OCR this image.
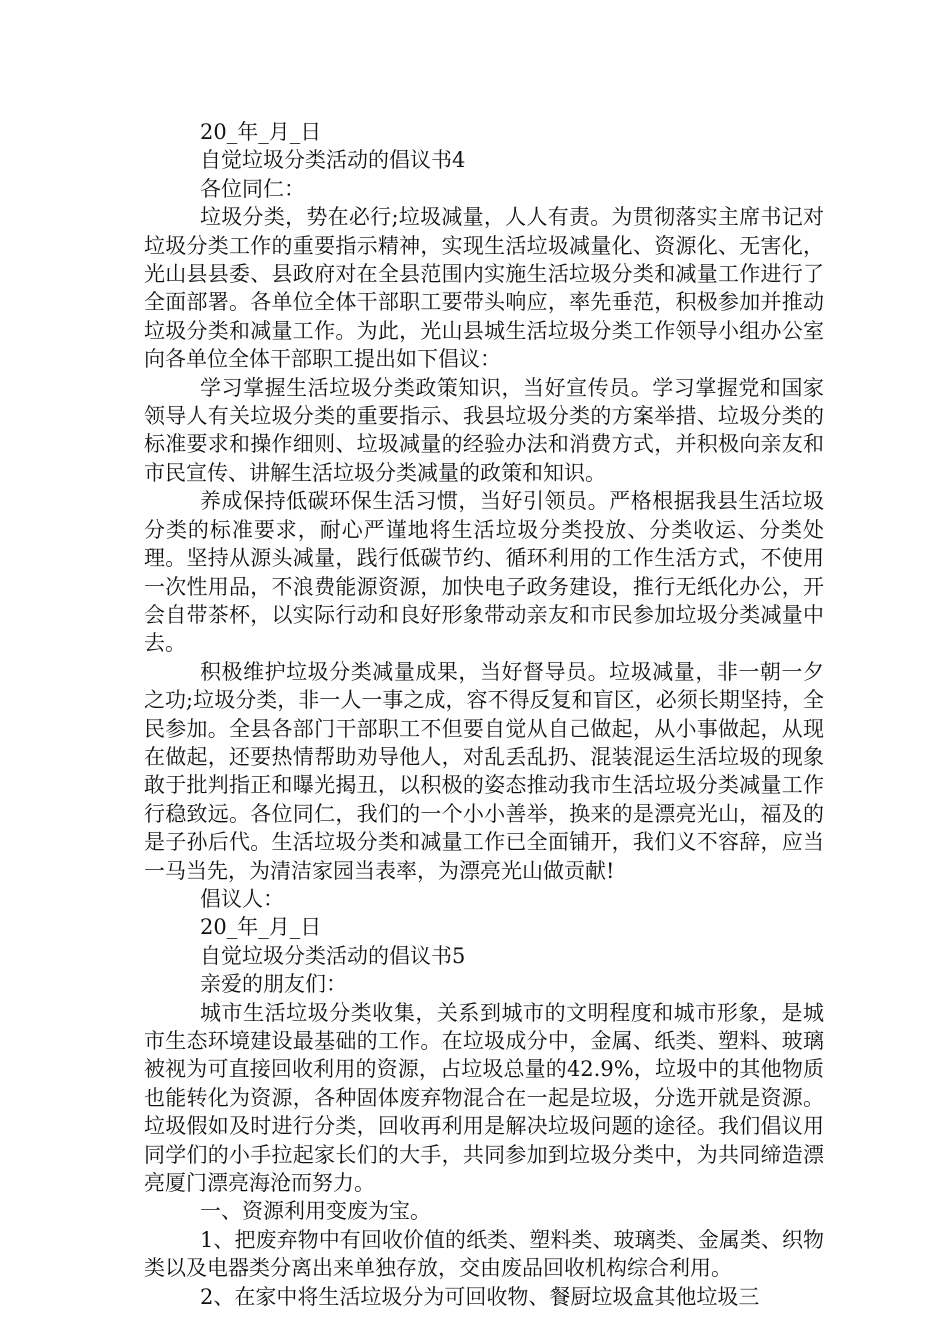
20_年_月_日

自觉垃圾分类活动的倡议书4

各位同仁：

垃圾分类，势在必行;垃圾减量，人人有责。为贯彻落实主席书记对垃圾分类工作的重要指示精神，实现生活垃圾减量化、资源化、无害化，光山县县委、县政府对在全县范围内实施生活垃圾分类和减量工作进行了全面部署。各单位全体干部职工要带头响应，率先垂范，积极参加并推动垃圾分类和减量工作。为此，光山县城生活垃圾分类工作领导小组办公室向各单位全体干部职工提出如下倡议：

学习掌握生活垃圾分类政策知识，当好宣传员。学习掌握党和国家领导人有关垃圾分类的重要指示、我县垃圾分类的方案举措、垃圾分类的标准要求和操作细则、垃圾减量的经验办法和消费方式，并积极向亲友和市民宣传、讲解生活垃圾分类减量的政策和知识。

养成保持低碳环保生活习惯，当好引领员。严格根据我县生活垃圾分类的标准要求，耐心严谨地将生活垃圾分类投放、分类收运、分类处理。坚持从源头减量，践行低碳节约、循环利用的工作生活方式，不使用一次性用品，不浪费能源资源，加快电子政务建设，推行无纸化办公，开会自带茶杯，以实际行动和良好形象带动亲友和市民参加垃圾分类减量中去。

积极维护垃圾分类减量成果，当好督导员。垃圾减量，非一朝一夕之功;垃圾分类，非一人一事之成，容不得反复和盲区，必须长期坚持，全民参加。全县各部门干部职工不但要自觉从自己做起，从小事做起，从现在做起，还要热情帮助劝导他人，对乱丢乱扔、混装混运生活垃圾的现象敢于批判指正和曝光揭丑，以积极的姿态推动我市生活垃圾分类减量工作行稳致远。各位同仁，我们的一个小小善举，换来的是漂亮光山，福及的是子孙后代。生活垃圾分类和减量工作已全面铺开，我们义不容辞，应当一马当先，为清洁家园当表率，为漂亮光山做贡献!

倡议人：

20_年_月_日

自觉垃圾分类活动的倡议书5

亲爱的朋友们：

城市生活垃圾分类收集，关系到城市的文明程度和城市形象，是城市生态环境建设最基础的工作。在垃圾成分中，金属、纸类、塑料、玻璃被视为可直接回收利用的资源，占垃圾总量的42.9%，垃圾中的其他物质也能转化为资源，各种固体废弃物混合在一起是垃圾，分选开就是资源。垃圾假如及时进行分类，回收再利用是解决垃圾问题的途径。我们倡议用同学们的小手拉起家长们的大手，共同参加到垃圾分类中，为共同缔造漂亮厦门漂亮海沧而努力。

一、资源利用变废为宝。

1、把废弃物中有回收价值的纸类、塑料类、玻璃类、金属类、织物类以及电器类分离出来单独存放，交由废品回收机构综合利用。

2、在家中将生活垃圾分为可回收物、餐厨垃圾盒其他垃圾三
